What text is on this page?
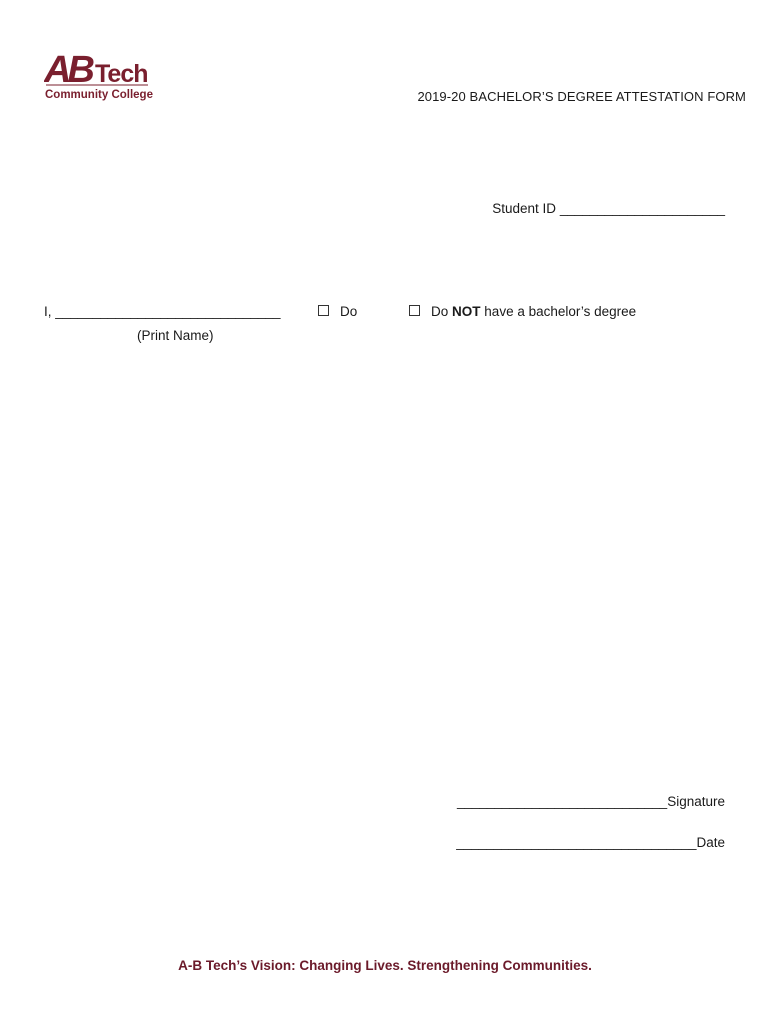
AB Tech
Community College	2019-20 BACHELOR’S DEGREE ATTESTATION FORM
Student ID ______________________
I, ______________________________
(Print Name)
Do	Do NOT have a bachelor’s degree
____________________________Signature
________________________________Date
A-B Tech’s Vision: Changing Lives. Strengthening Communities.
